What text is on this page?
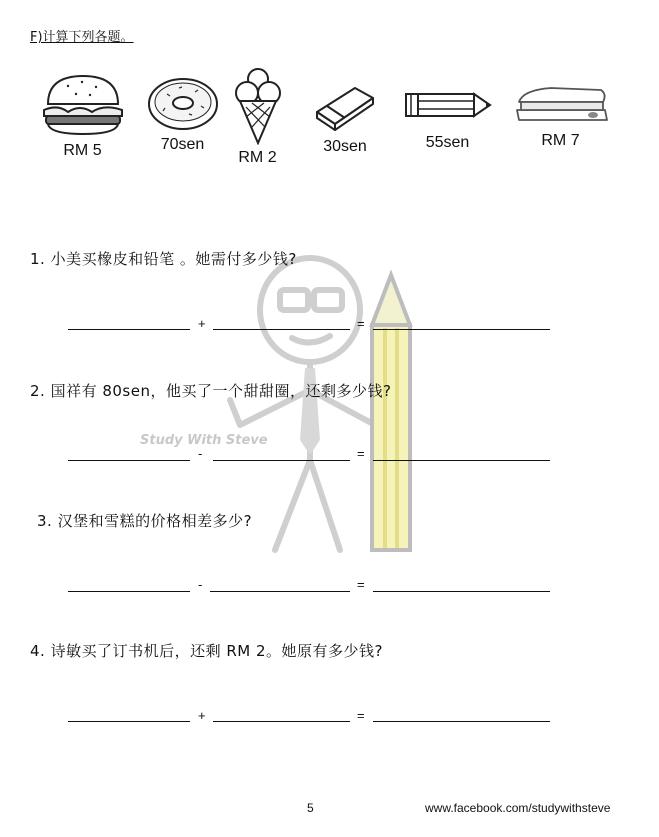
F)计算下列各题。
Study With Steve
RM 5	70sen
RM 2
30sen	55sen	RM 7
1. 小美买橡皮和铅笔 。她需付多少钱?
+	=
2. 国祥有 80sen，他买了一个甜甜圈，还剩多少钱?
-	=
3. 汉堡和雪糕的价格相差多少?
-	=
4. 诗敏买了订书机后，还剩 RM 2。她原有多少钱?
+	=
5	www.facebook.com/studywithsteve
